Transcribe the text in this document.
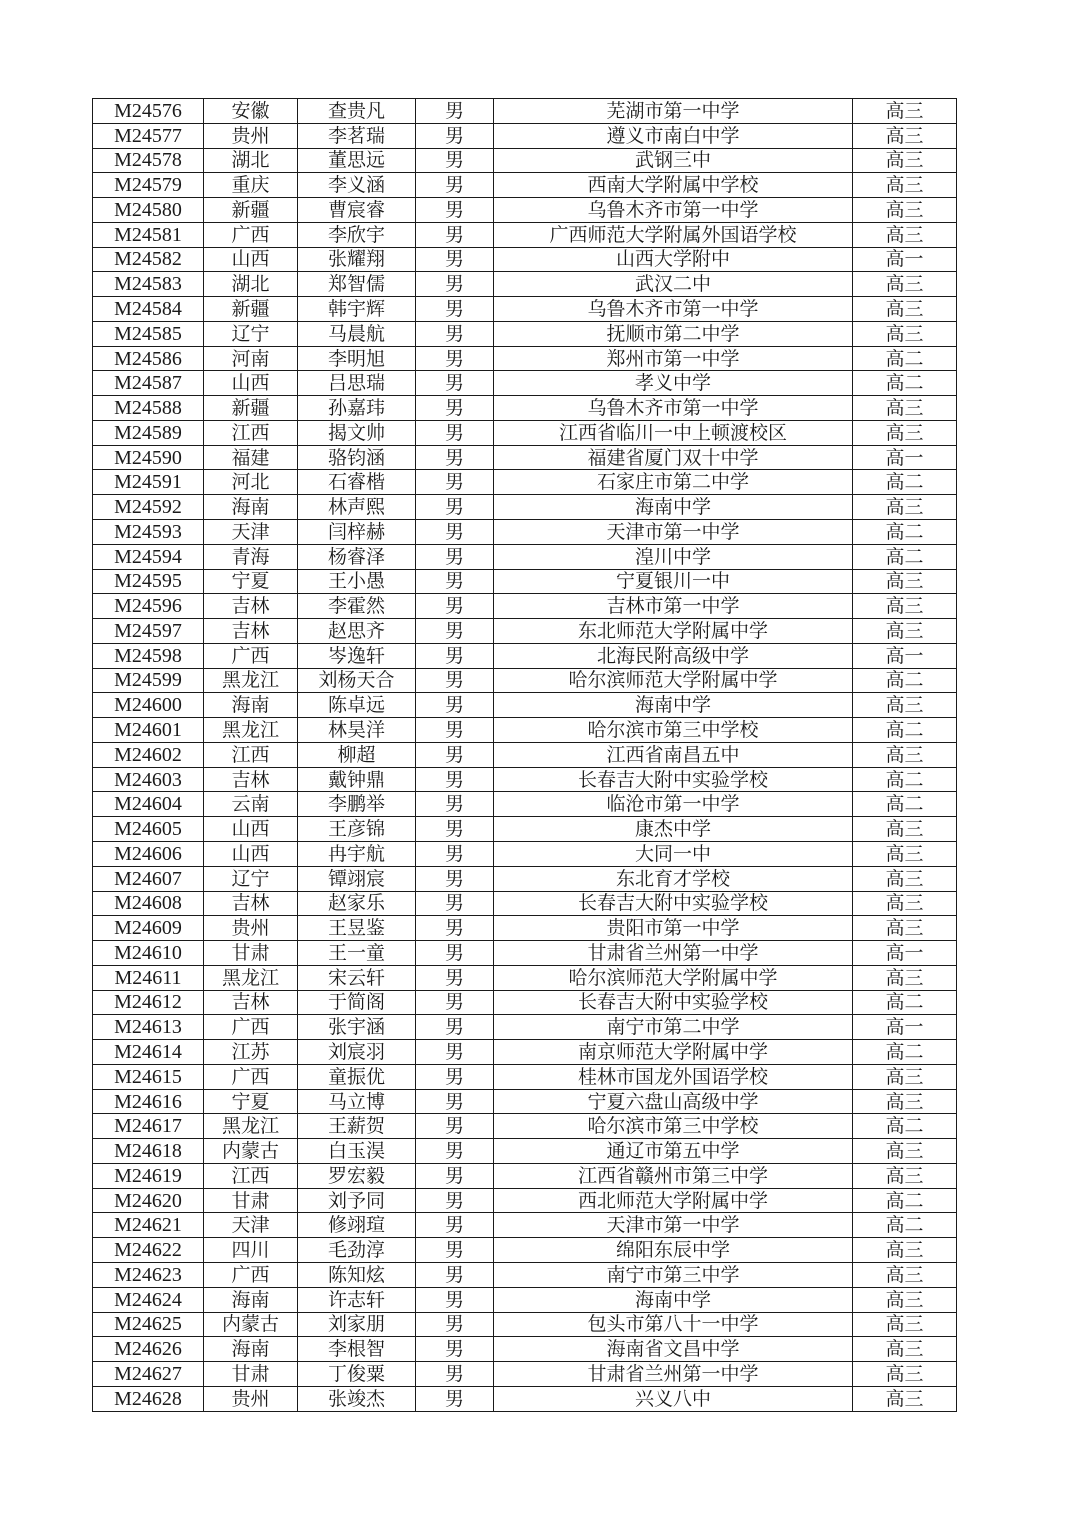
M24576	安徽	查贵凡	男	芜湖市第一中学	高三
M24577	贵州	李茗瑞	男	遵义市南白中学	高三
M24578	湖北	董思远	男	武钢三中	高三
M24579	重庆	李义涵	男	西南大学附属中学校	高三
M24580	新疆	曹宸睿	男	乌鲁木齐市第一中学	高三
M24581	广西	李欣宇	男	广西师范大学附属外国语学校	高三
M24582	山西	张耀翔	男	山西大学附中	高一
M24583	湖北	郑智儒	男	武汉二中	高三
M24584	新疆	韩宇辉	男	乌鲁木齐市第一中学	高三
M24585	辽宁	马晨航	男	抚顺市第二中学	高三
M24586	河南	李明旭	男	郑州市第一中学	高二
M24587	山西	吕思瑞	男	孝义中学	高二
M24588	新疆	孙嘉玮	男	乌鲁木齐市第一中学	高三
M24589	江西	揭文帅	男	江西省临川一中上顿渡校区	高三
M24590	福建	骆钧涵	男	福建省厦门双十中学	高一
M24591	河北	石睿楷	男	石家庄市第二中学	高二
M24592	海南	林声熙	男	海南中学	高三
M24593	天津	闫梓赫	男	天津市第一中学	高二
M24594	青海	杨睿泽	男	湟川中学	高二
M24595	宁夏	王小愚	男	宁夏银川一中	高三
M24596	吉林	李霍然	男	吉林市第一中学	高三
M24597	吉林	赵思齐	男	东北师范大学附属中学	高三
M24598	广西	岑逸轩	男	北海民附高级中学	高一
M24599	黑龙江	刘杨天合	男	哈尔滨师范大学附属中学	高二
M24600	海南	陈卓远	男	海南中学	高三
M24601	黑龙江	林昊洋	男	哈尔滨市第三中学校	高二
M24602	江西	柳超	男	江西省南昌五中	高三
M24603	吉林	戴钟鼎	男	长春吉大附中实验学校	高二
M24604	云南	李鹏举	男	临沧市第一中学	高二
M24605	山西	王彦锦	男	康杰中学	高三
M24606	山西	冉宇航	男	大同一中	高三
M24607	辽宁	镡翊宸	男	东北育才学校	高三
M24608	吉林	赵家乐	男	长春吉大附中实验学校	高三
M24609	贵州	王昱鉴	男	贵阳市第一中学	高三
M24610	甘肃	王一童	男	甘肃省兰州第一中学	高一
M24611	黑龙江	宋云轩	男	哈尔滨师范大学附属中学	高三
M24612	吉林	于简阁	男	长春吉大附中实验学校	高二
M24613	广西	张宇涵	男	南宁市第二中学	高一
M24614	江苏	刘宸羽	男	南京师范大学附属中学	高二
M24615	广西	童振优	男	桂林市国龙外国语学校	高三
M24616	宁夏	马立博	男	宁夏六盘山高级中学	高三
M24617	黑龙江	王薪贺	男	哈尔滨市第三中学校	高二
M24618	内蒙古	白玉淏	男	通辽市第五中学	高三
M24619	江西	罗宏毅	男	江西省赣州市第三中学	高三
M24620	甘肃	刘予同	男	西北师范大学附属中学	高二
M24621	天津	修翊瑄	男	天津市第一中学	高二
M24622	四川	毛劲淳	男	绵阳东辰中学	高三
M24623	广西	陈知炫	男	南宁市第三中学	高三
M24624	海南	许志轩	男	海南中学	高三
M24625	内蒙古	刘家朋	男	包头市第八十一中学	高三
M24626	海南	李根智	男	海南省文昌中学	高三
M24627	甘肃	丁俊粟	男	甘肃省兰州第一中学	高三
M24628	贵州	张竣杰	男	兴义八中	高三
